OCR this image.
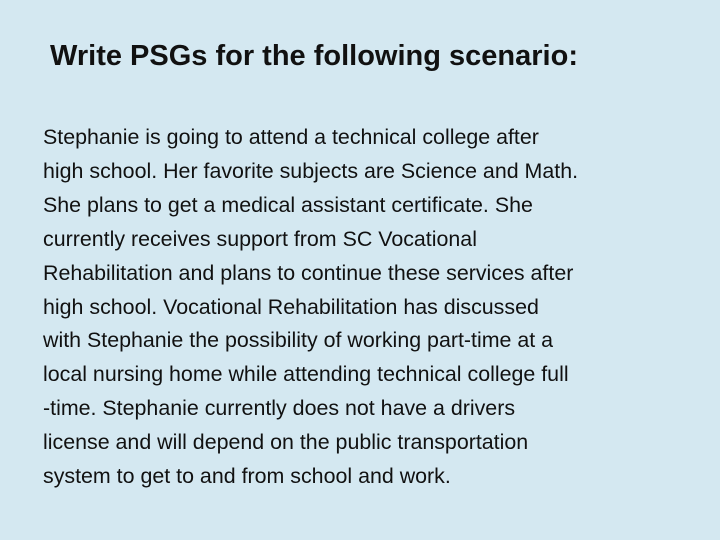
Write PSGs for the following scenario:
Stephanie is going to attend a technical college after
high school. Her favorite subjects are Science and Math.
She plans to get a medical assistant certificate. She
currently receives support from SC Vocational
Rehabilitation and plans to continue these services after
high school. Vocational Rehabilitation has discussed
with Stephanie the possibility of working part-time at a
local nursing home while attending technical college full
-time. Stephanie currently does not have a drivers
license and will depend on the public transportation
system to get to and from school and work.
